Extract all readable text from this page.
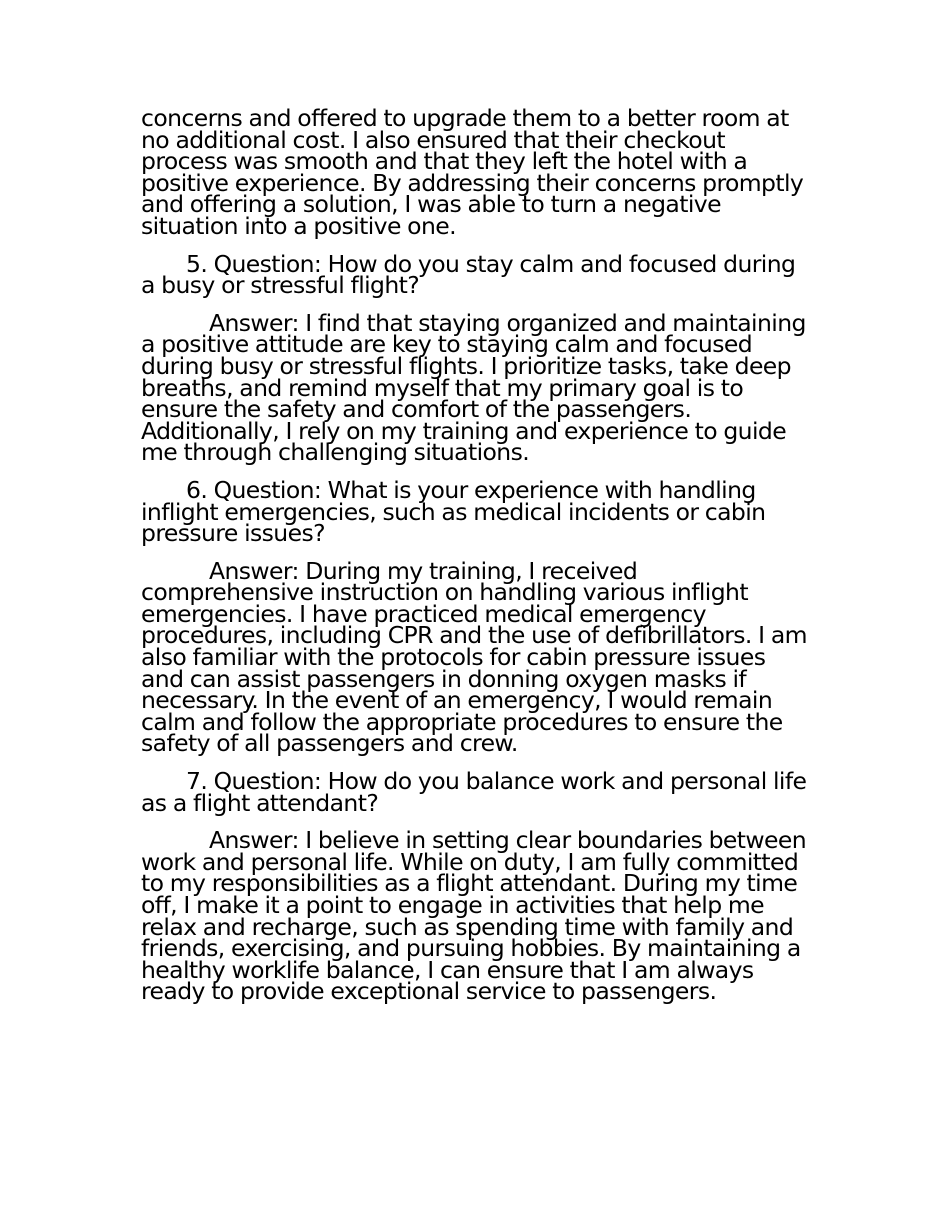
concerns and offered to upgrade them to a better room at no additional cost. I also ensured that their checkout process was smooth and that they left the hotel with a positive experience. By addressing their concerns promptly and offering a solution, I was able to turn a negative situation into a positive one.

5. Question: How do you stay calm and focused during a busy or stressful flight?

Answer: I find that staying organized and maintaining a positive attitude are key to staying calm and focused during busy or stressful flights. I prioritize tasks, take deep breaths, and remind myself that my primary goal is to ensure the safety and comfort of the passengers. Additionally, I rely on my training and experience to guide me through challenging situations.

6. Question: What is your experience with handling inflight emergencies, such as medical incidents or cabin pressure issues?

Answer: During my training, I received comprehensive instruction on handling various inflight emergencies. I have practiced medical emergency procedures, including CPR and the use of defibrillators. I am also familiar with the protocols for cabin pressure issues and can assist passengers in donning oxygen masks if necessary. In the event of an emergency, I would remain calm and follow the appropriate procedures to ensure the safety of all passengers and crew.

7. Question: How do you balance work and personal life as a flight attendant?

Answer: I believe in setting clear boundaries between work and personal life. While on duty, I am fully committed to my responsibilities as a flight attendant. During my time off, I make it a point to engage in activities that help me relax and recharge, such as spending time with family and friends, exercising, and pursuing hobbies. By maintaining a healthy worklife balance, I can ensure that I am always ready to provide exceptional service to passengers.
